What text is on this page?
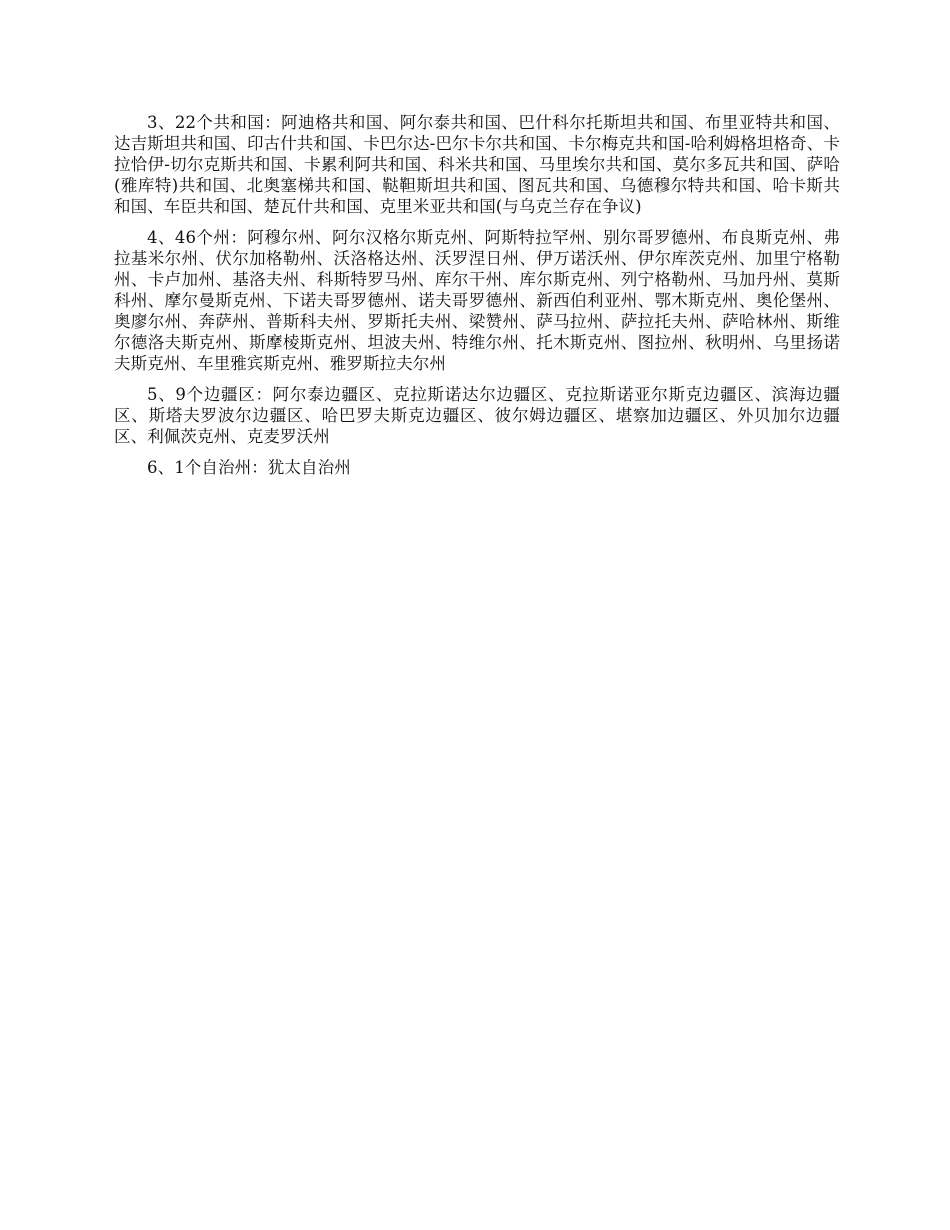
3、22个共和国：阿迪格共和国、阿尔泰共和国、巴什科尔托斯坦共和国、布里亚特共和国、达吉斯坦共和国、印古什共和国、卡巴尔达-巴尔卡尔共和国、卡尔梅克共和国-哈利姆格坦格奇、卡拉恰伊-切尔克斯共和国、卡累利阿共和国、科米共和国、马里埃尔共和国、莫尔多瓦共和国、萨哈(雅库特)共和国、北奥塞梯共和国、鞑靼斯坦共和国、图瓦共和国、乌德穆尔特共和国、哈卡斯共和国、车臣共和国、楚瓦什共和国、克里米亚共和国(与乌克兰存在争议)

4、46个州：阿穆尔州、阿尔汉格尔斯克州、阿斯特拉罕州、别尔哥罗德州、布良斯克州、弗拉基米尔州、伏尔加格勒州、沃洛格达州、沃罗涅日州、伊万诺沃州、伊尔库茨克州、加里宁格勒州、卡卢加州、基洛夫州、科斯特罗马州、库尔干州、库尔斯克州、列宁格勒州、马加丹州、莫斯科州、摩尔曼斯克州、下诺夫哥罗德州、诺夫哥罗德州、新西伯利亚州、鄂木斯克州、奥伦堡州、奥廖尔州、奔萨州、普斯科夫州、罗斯托夫州、梁赞州、萨马拉州、萨拉托夫州、萨哈林州、斯维尔德洛夫斯克州、斯摩棱斯克州、坦波夫州、特维尔州、托木斯克州、图拉州、秋明州、乌里扬诺夫斯克州、车里雅宾斯克州、雅罗斯拉夫尔州

5、9个边疆区：阿尔泰边疆区、克拉斯诺达尔边疆区、克拉斯诺亚尔斯克边疆区、滨海边疆区、斯塔夫罗波尔边疆区、哈巴罗夫斯克边疆区、彼尔姆边疆区、堪察加边疆区、外贝加尔边疆区、利佩茨克州、克麦罗沃州

6、1个自治州：犹太自治州
